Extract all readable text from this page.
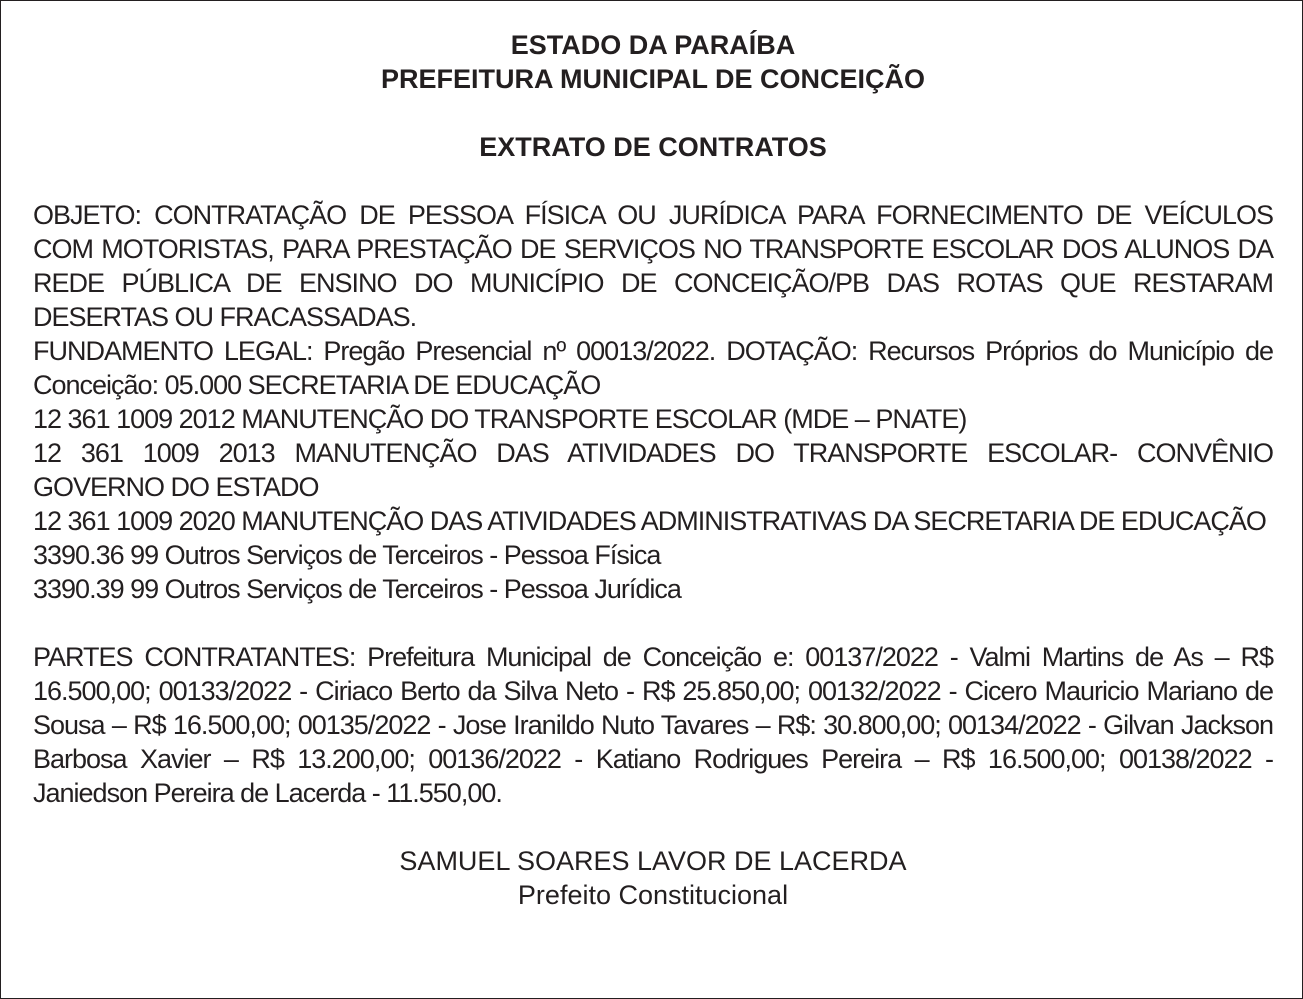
ESTADO DA PARAÍBA
PREFEITURA MUNICIPAL DE CONCEIÇÃO
EXTRATO DE CONTRATOS
OBJETO: CONTRATAÇÃO DE PESSOA FÍSICA OU JURÍDICA PARA FORNECIMENTO DE VEÍCULOS COM MOTORISTAS, PARA PRESTAÇÃO DE SERVIÇOS NO TRANSPORTE ESCOLAR DOS ALUNOS DA REDE PÚBLICA DE ENSINO DO MUNICÍPIO DE CONCEIÇÃO/PB DAS ROTAS QUE RESTARAM DESERTAS OU FRACASSADAS.
FUNDAMENTO LEGAL: Pregão Presencial nº 00013/2022. DOTAÇÃO: Recursos Próprios do Município de Conceição: 05.000 SECRETARIA DE EDUCAÇÃO
12 361 1009 2012 MANUTENÇÃO DO TRANSPORTE ESCOLAR (MDE – PNATE)
12 361 1009 2013 MANUTENÇÃO DAS ATIVIDADES DO TRANSPORTE ESCOLAR- CONVÊNIO GOVERNO DO ESTADO
12 361 1009 2020 MANUTENÇÃO DAS ATIVIDADES ADMINISTRATIVAS DA SECRETARIA DE EDUCAÇÃO
3390.36 99 Outros Serviços de Terceiros - Pessoa Física
3390.39 99 Outros Serviços de Terceiros - Pessoa Jurídica
PARTES CONTRATANTES: Prefeitura Municipal de Conceição e: 00137/2022 - Valmi Martins de As – R$ 16.500,00; 00133/2022 - Ciriaco Berto da Silva Neto - R$ 25.850,00; 00132/2022 - Cicero Mauricio Mariano de Sousa – R$ 16.500,00; 00135/2022 - Jose Iranildo Nuto Tavares – R$: 30.800,00; 00134/2022 - Gilvan Jackson Barbosa Xavier – R$ 13.200,00; 00136/2022 - Katiano Rodrigues Pereira – R$ 16.500,00; 00138/2022 - Janiedson Pereira de Lacerda - 11.550,00.
SAMUEL SOARES LAVOR DE LACERDA
Prefeito Constitucional
